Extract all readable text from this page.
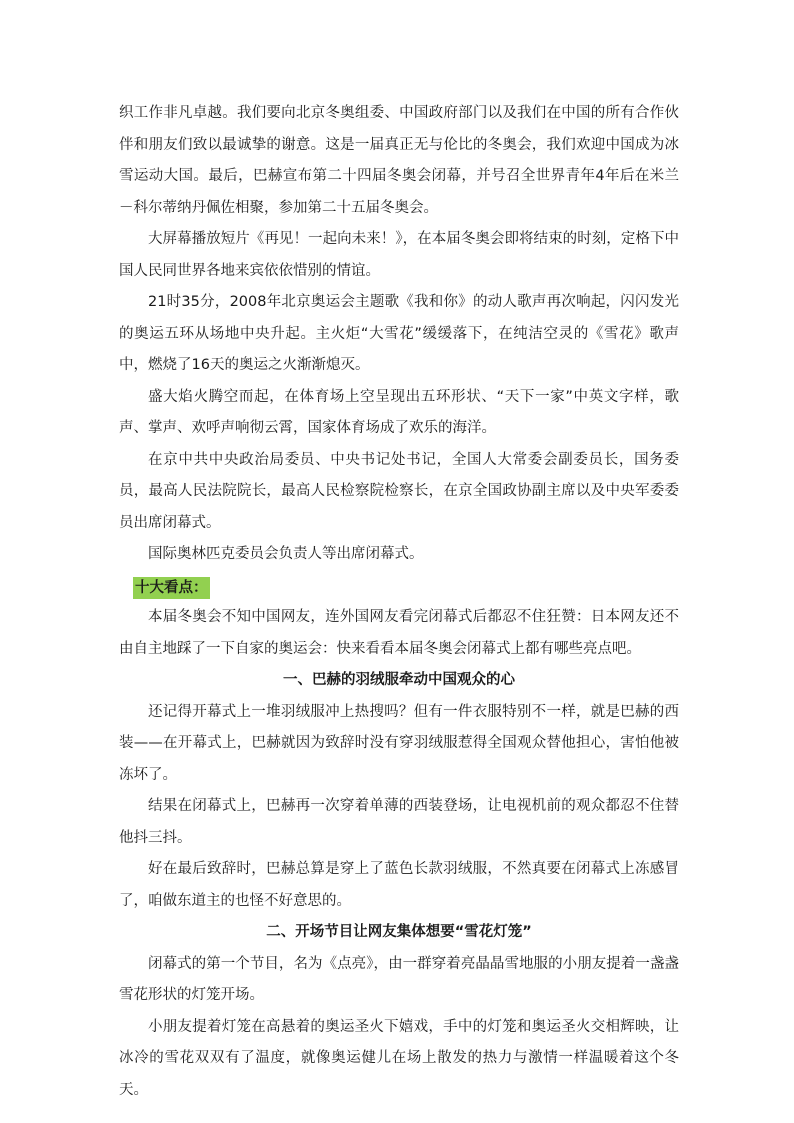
织工作非凡卓越。我们要向北京冬奥组委、中国政府部门以及我们在中国的所有合作伙伴和朋友们致以最诚挚的谢意。这是一届真正无与伦比的冬奥会，我们欢迎中国成为冰雪运动大国。最后，巴赫宣布第二十四届冬奥会闭幕，并号召全世界青年4年后在米兰－科尔蒂纳丹佩佐相聚，参加第二十五届冬奥会。

大屏幕播放短片《再见！一起向未来！》，在本届冬奥会即将结束的时刻，定格下中国人民同世界各地来宾依依惜别的情谊。

21时35分，2008年北京奥运会主题歌《我和你》的动人歌声再次响起，闪闪发光的奥运五环从场地中央升起。主火炬“大雪花”缓缓落下，在纯洁空灵的《雪花》歌声中，燃烧了16天的奥运之火渐渐熄灭。

盛大焰火腾空而起，在体育场上空呈现出五环形状、“天下一家”中英文字样，歌声、掌声、欢呼声响彻云霄，国家体育场成了欢乐的海洋。

在京中共中央政治局委员、中央书记处书记，全国人大常委会副委员长，国务委员，最高人民法院院长，最高人民检察院检察长，在京全国政协副主席以及中央军委委员出席闭幕式。

国际奥林匹克委员会负责人等出席闭幕式。

十大看点：

本届冬奥会不知中国网友，连外国网友看完闭幕式后都忍不住狂赞：日本网友还不由自主地踩了一下自家的奥运会：快来看看本届冬奥会闭幕式上都有哪些亮点吧。

一、巴赫的羽绒服牵动中国观众的心

还记得开幕式上一堆羽绒服冲上热搜吗？但有一件衣服特别不一样，就是巴赫的西装——在开幕式上，巴赫就因为致辞时没有穿羽绒服惹得全国观众替他担心，害怕他被冻坏了。

结果在闭幕式上，巴赫再一次穿着单薄的西装登场，让电视机前的观众都忍不住替他抖三抖。

好在最后致辞时，巴赫总算是穿上了蓝色长款羽绒服，不然真要在闭幕式上冻感冒了，咱做东道主的也怪不好意思的。

二、开场节目让网友集体想要“雪花灯笼”

闭幕式的第一个节目，名为《点亮》，由一群穿着亮晶晶雪地服的小朋友提着一盏盏雪花形状的灯笼开场。

小朋友提着灯笼在高悬着的奥运圣火下嬉戏，手中的灯笼和奥运圣火交相辉映，让冰冷的雪花双双有了温度，就像奥运健儿在场上散发的热力与激情一样温暖着这个冬天。
